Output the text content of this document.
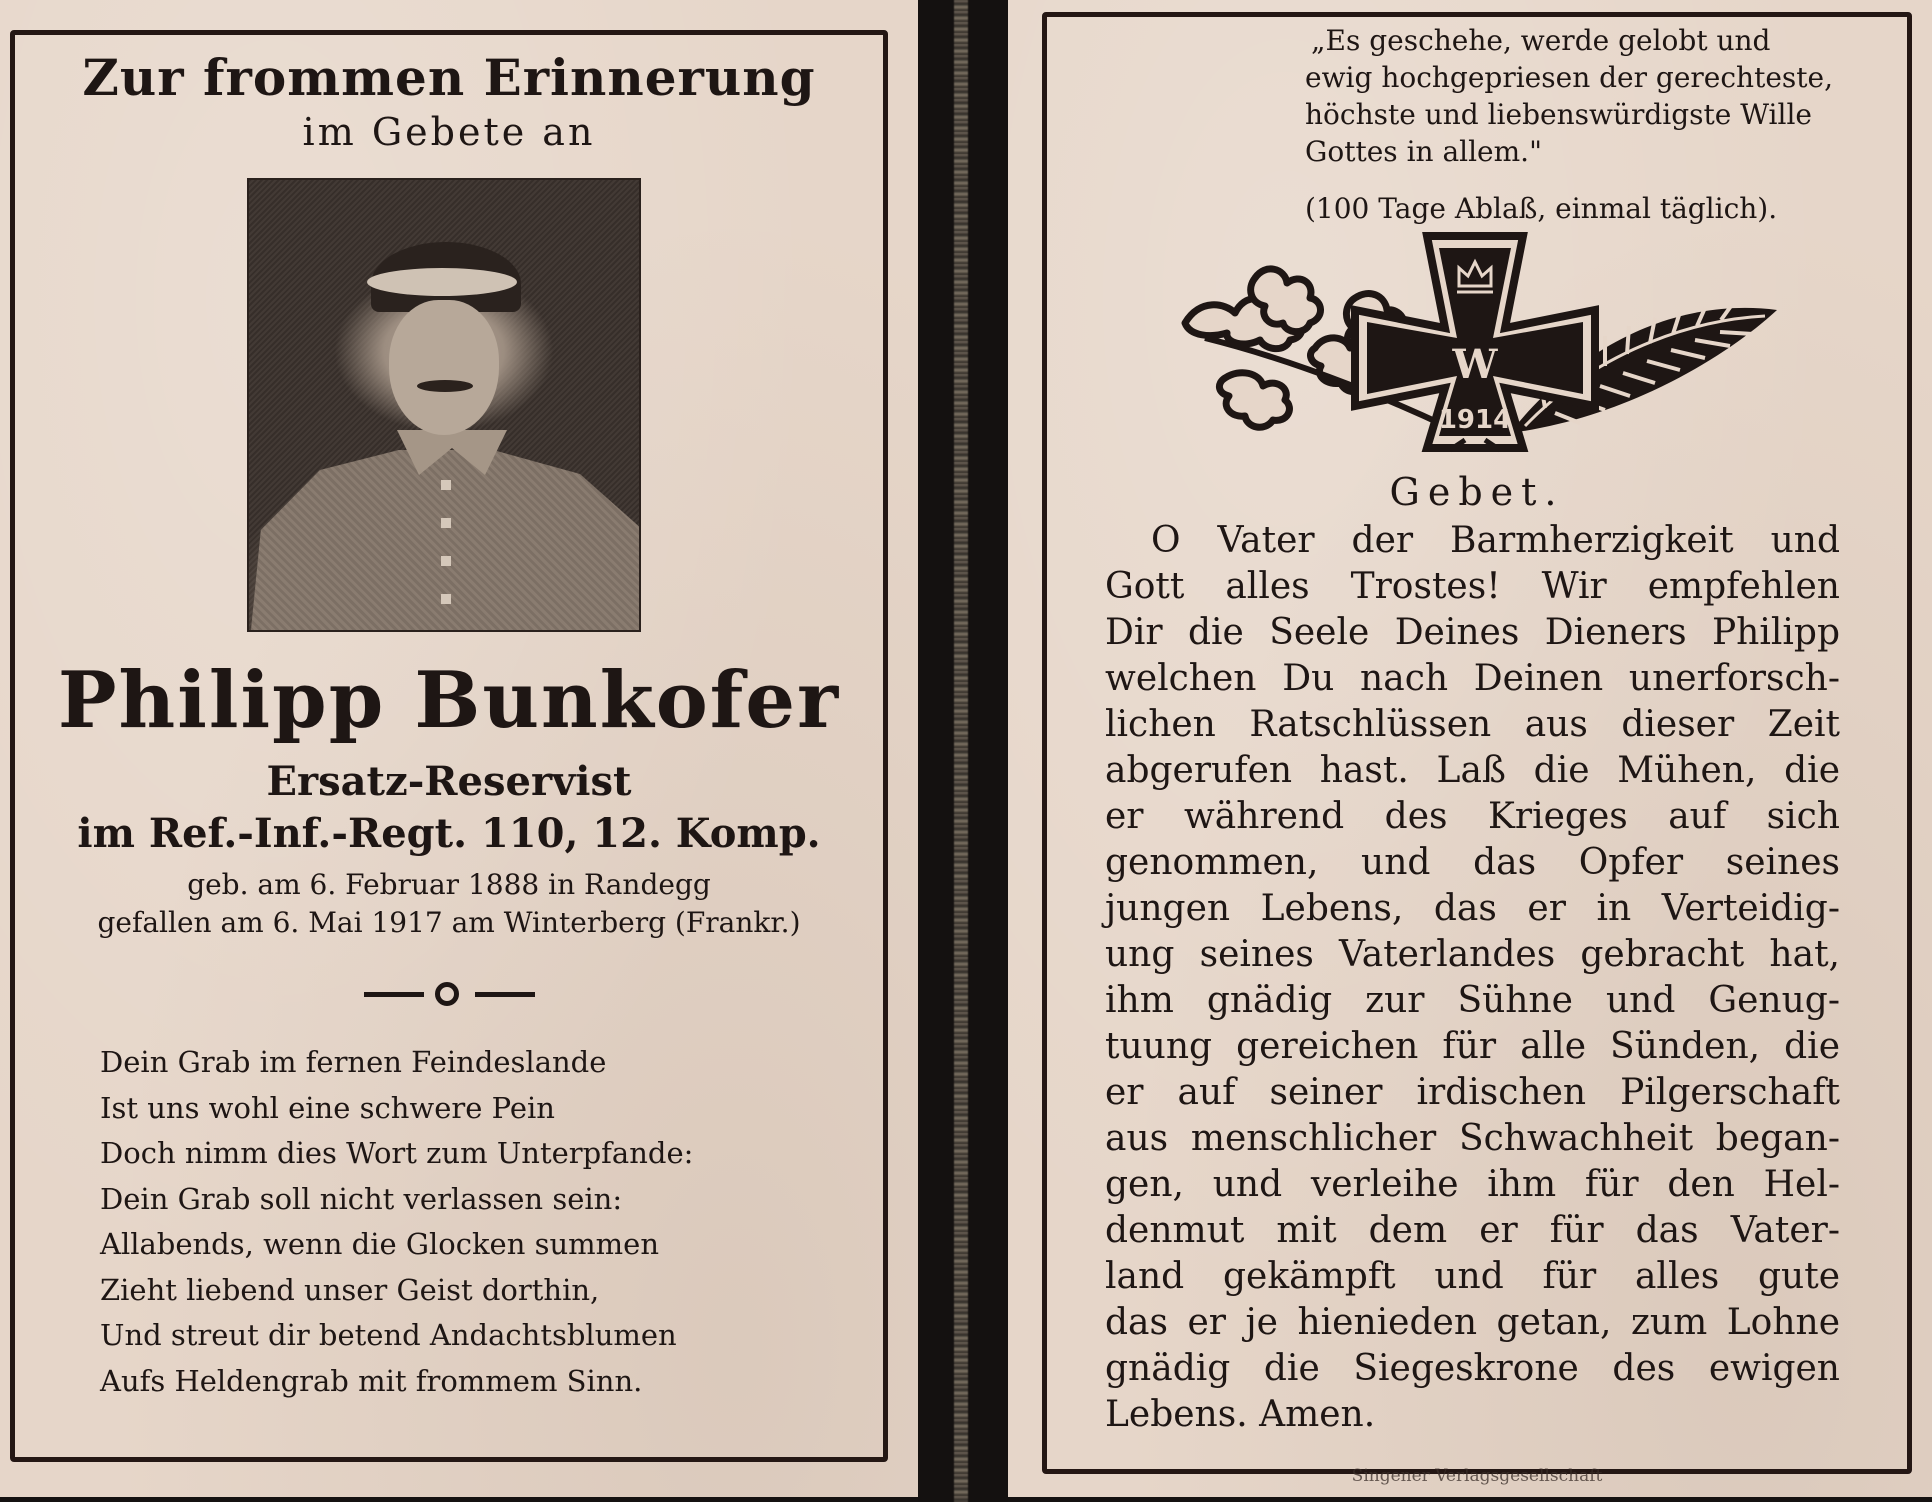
Zur frommen Erinnerung
im Gebete an
Philipp Bunkofer
Ersatz-Reservist
im Ref.-Inf.-Regt. 110, 12. Komp.
geb. am 6. Februar 1888 in Randegg
gefallen am 6. Mai 1917 am Winterberg (Frankr.)
Dein Grab im fernen Feindeslande
Ist uns wohl eine schwere Pein
Doch nimm dies Wort zum Unterpfande:
Dein Grab soll nicht verlassen sein:
Allabends, wenn die Glocken summen
Zieht liebend unser Geist dorthin,
Und streut dir betend Andachtsblumen
Aufs Heldengrab mit frommem Sinn.
„Es geschehe, werde gelobt und
ewig hochgepriesen der gerechteste,
höchste und liebenswürdigste Wille
Gottes in allem."
(100 Tage Ablaß, einmal täglich).
W
1914
Gebet.
O Vater der Barmherzigkeit und
Gott alles Trostes! Wir empfehlen
Dir die Seele Deines Dieners Philipp
welchen Du nach Deinen unerforsch-
lichen Ratschlüssen aus dieser Zeit
abgerufen hast. Laß die Mühen, die
er während des Krieges auf sich
genommen, und das Opfer seines
jungen Lebens, das er in Verteidig-
ung seines Vaterlandes gebracht hat,
ihm gnädig zur Sühne und Genug-
tuung gereichen für alle Sünden, die
er auf seiner irdischen Pilgerschaft
aus menschlicher Schwachheit began-
gen, und verleihe ihm für den Hel-
denmut mit dem er für das Vater-
land gekämpft und für alles gute
das er je hienieden getan, zum Lohne
gnädig die Siegeskrone des ewigen
Lebens. Amen.
Singener Verlagsgesellschaft
